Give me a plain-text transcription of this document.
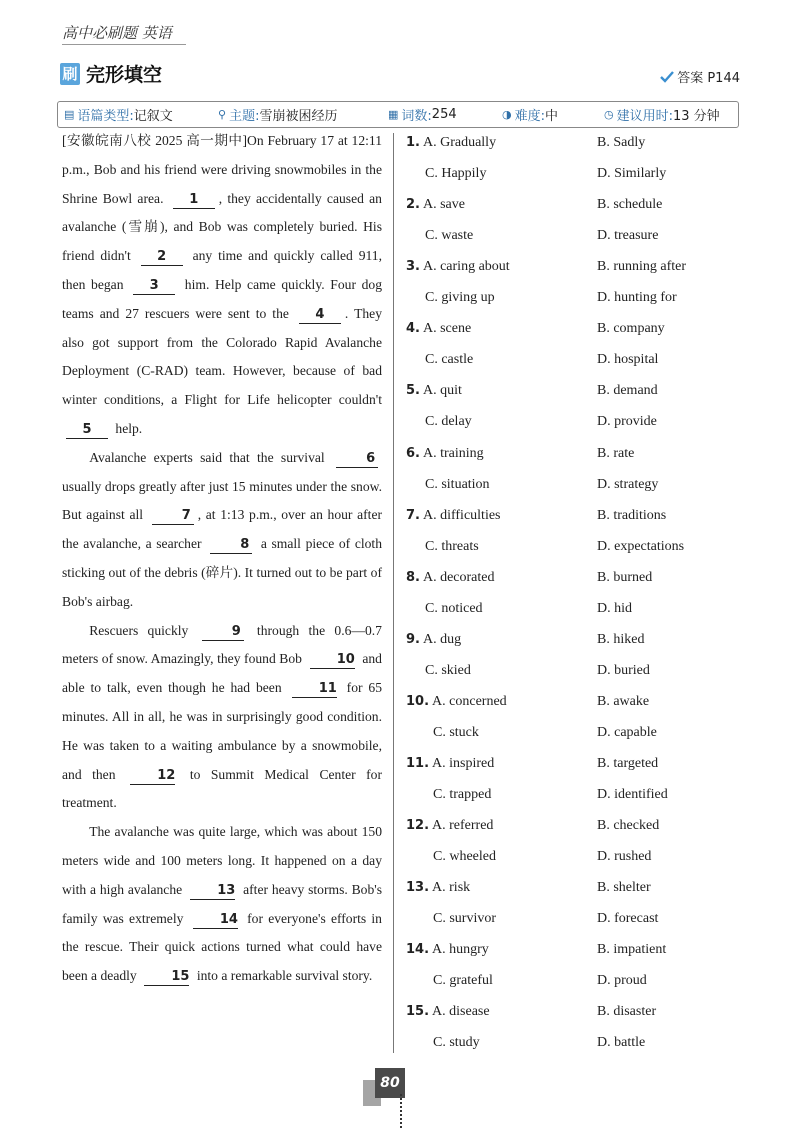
高中必刷题 英语
刷 完形填空	答案 P144
▤ 语篇类型: 记叙文	⚲ 主题: 雪崩被困经历	▦ 词数: 254	◑ 难度: 中	◷ 建议用时: 13 分钟

[安徽皖南八校 2025 高一期中]On February 17 at 12:11 p.m., Bob and his friend were driving snowmobiles in the Shrine Bowl area. 1 , they accidentally caused an avalanche (雪崩), and Bob was completely buried. His friend didn't 2 any time and quickly called 911, then began 3 him. Help came quickly. Four dog teams and 27 rescuers were sent to the 4 . They also got support from the Colorado Rapid Avalanche Deployment (C-RAD) team. However, because of bad winter conditions, a Flight for Life helicopter couldn't 5 help.

Avalanche experts said that the survival	6 usually drops greatly after just 15 minutes under the snow. But against all	7 , at 1:13 p.m., over an hour after the avalanche, a searcher	8 a small piece of cloth sticking out of the debris (碎片). It turned out to be part of Bob's airbag.

Rescuers quickly	9 through the 0.6—0.7 meters of snow. Amazingly, they found Bob	10 and able to talk, even though he had been	11 for 65 minutes. All in all, he was in surprisingly good condition. He was taken to a waiting ambulance by a snowmobile, and then	12 to Summit Medical Center for treatment.

The avalanche was quite large, which was about 150 meters wide and 100 meters long. It happened on a day with a high avalanche	13 after heavy storms. Bob's family was extremely	14 for everyone's efforts in the rescue. Their quick actions turned what could have been a deadly	15 into a remarkable survival story.

1. A. Gradually	B. Sadly
C. Happily	D. Similarly
2. A. save	B. schedule
C. waste	D. treasure
3. A. caring about	B. running after
C. giving up	D. hunting for
4. A. scene	B. company
C. castle	D. hospital
5. A. quit	B. demand
C. delay	D. provide
6. A. training	B. rate
C. situation	D. strategy
7. A. difficulties	B. traditions
C. threats	D. expectations
8. A. decorated	B. burned
C. noticed	D. hid
9. A. dug	B. hiked
C. skied	D. buried
10. A. concerned	B. awake
C. stuck	D. capable
11. A. inspired	B. targeted
C. trapped	D. identified
12. A. referred	B. checked
C. wheeled	D. rushed
13. A. risk	B. shelter
C. survivor	D. forecast
14. A. hungry	B. impatient
C. grateful	D. proud
15. A. disease	B. disaster
C. study	D. battle
80
